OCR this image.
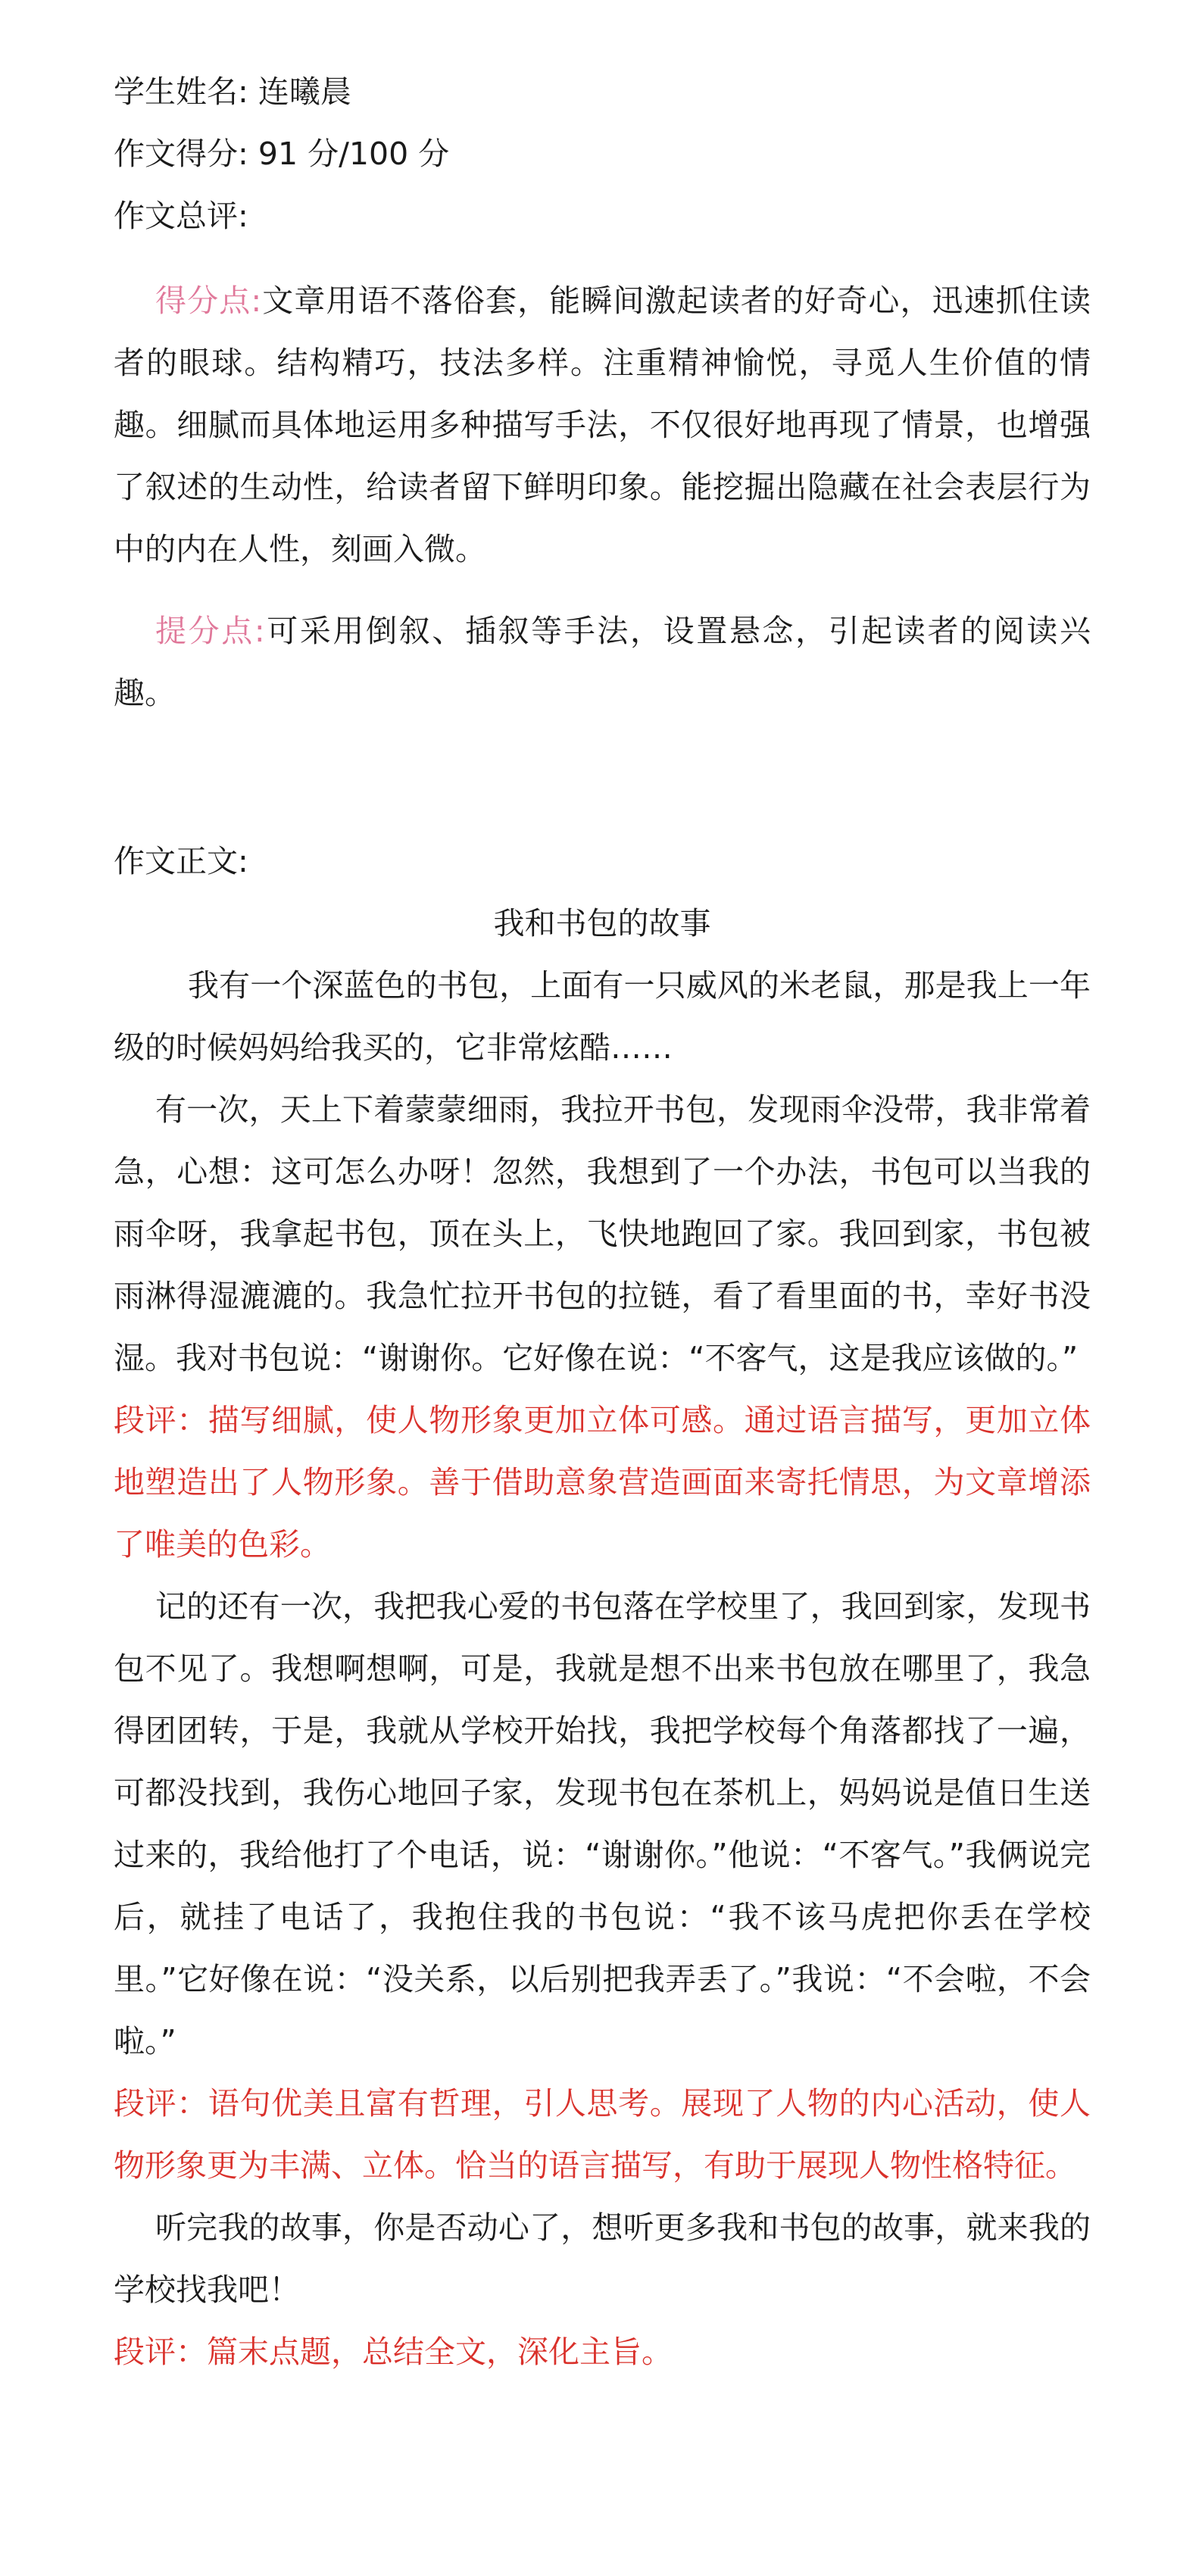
学生姓名: 连曦晨

作文得分: 91 分/100 分

作文总评:

得分点:文章用语不落俗套，能瞬间激起读者的好奇心，迅速抓住读者的眼球。结构精巧，技法多样。注重精神愉悦，寻觅人生价值的情趣。细腻而具体地运用多种描写手法，不仅很好地再现了情景，也增强了叙述的生动性，给读者留下鲜明印象。能挖掘出隐藏在社会表层行为中的内在人性，刻画入微。

提分点:可采用倒叙、插叙等手法，设置悬念，引起读者的阅读兴趣。

作文正文:

我和书包的故事

我有一个深蓝色的书包，上面有一只威风的米老鼠，那是我上一年级的时候妈妈给我买的，它非常炫酷……

有一次，天上下着蒙蒙细雨，我拉开书包，发现雨伞没带，我非常着急，心想：这可怎么办呀！忽然，我想到了一个办法，书包可以当我的雨伞呀，我拿起书包，顶在头上，飞快地跑回了家。我回到家，书包被雨淋得湿漉漉的。我急忙拉开书包的拉链，看了看里面的书，幸好书没湿。我对书包说：“谢谢你。它好像在说：“不客气，这是我应该做的。”

段评：描写细腻，使人物形象更加立体可感。通过语言描写，更加立体地塑造出了人物形象。善于借助意象营造画面来寄托情思，为文章增添了唯美的色彩。

记的还有一次，我把我心爱的书包落在学校里了，我回到家，发现书包不见了。我想啊想啊，可是，我就是想不出来书包放在哪里了，我急得团团转，于是，我就从学校开始找，我把学校每个角落都找了一遍，可都没找到，我伤心地回子家，发现书包在茶机上，妈妈说是值日生送过来的，我给他打了个电话，说：“谢谢你。”他说：“不客气。”我俩说完后，就挂了电话了，我抱住我的书包说：“我不该马虎把你丢在学校里。”它好像在说：“没关系，以后别把我弄丢了。”我说：“不会啦，不会啦。”

段评：语句优美且富有哲理，引人思考。展现了人物的内心活动，使人物形象更为丰满、立体。恰当的语言描写，有助于展现人物性格特征。

听完我的故事，你是否动心了，想听更多我和书包的故事，就来我的学校找我吧！

段评：篇末点题，总结全文，深化主旨。
